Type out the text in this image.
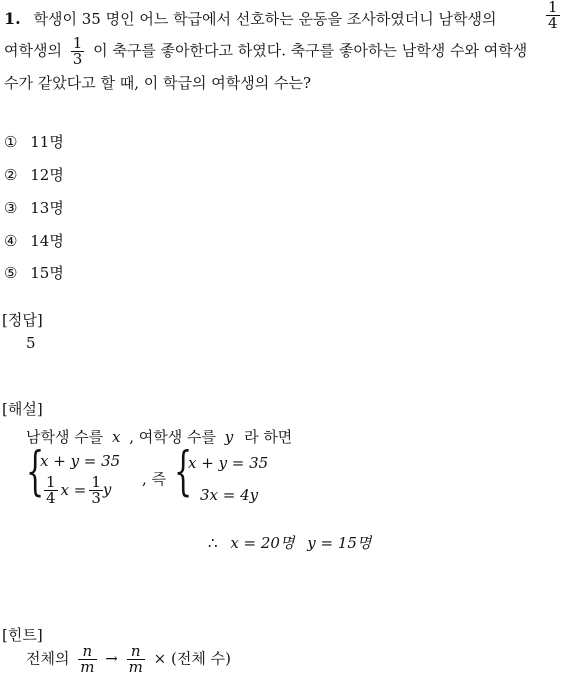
1. 학생이 35 명인 어느 학급에서 선호하는 운동을 조사하였더니 남학생의	$\frac{1}{4}$
여학생의 $\frac{1}{3}$ 이 축구를 좋아한다고 하였다. 축구를 좋아하는 남학생 수와 여학생
수가 같았다고 할 때, 이 학급의 여학생의 수는?
① 11명
② 12명
③ 13명
④ 14명
⑤ 15명
[정답]
5
[해설]
남학생 수를 x , 여학생 수를 y 라 하면
{
x + y = 35
$\frac{1}{4}$ $x = \frac{1}{3}$ y
, 즉 {
x + y = 35
3x = 4y
∴ x = 20명 y = 15명
[힌트]
전체의 $\frac{n}{m} \to \frac{n}{m}$ × (전체 수)
